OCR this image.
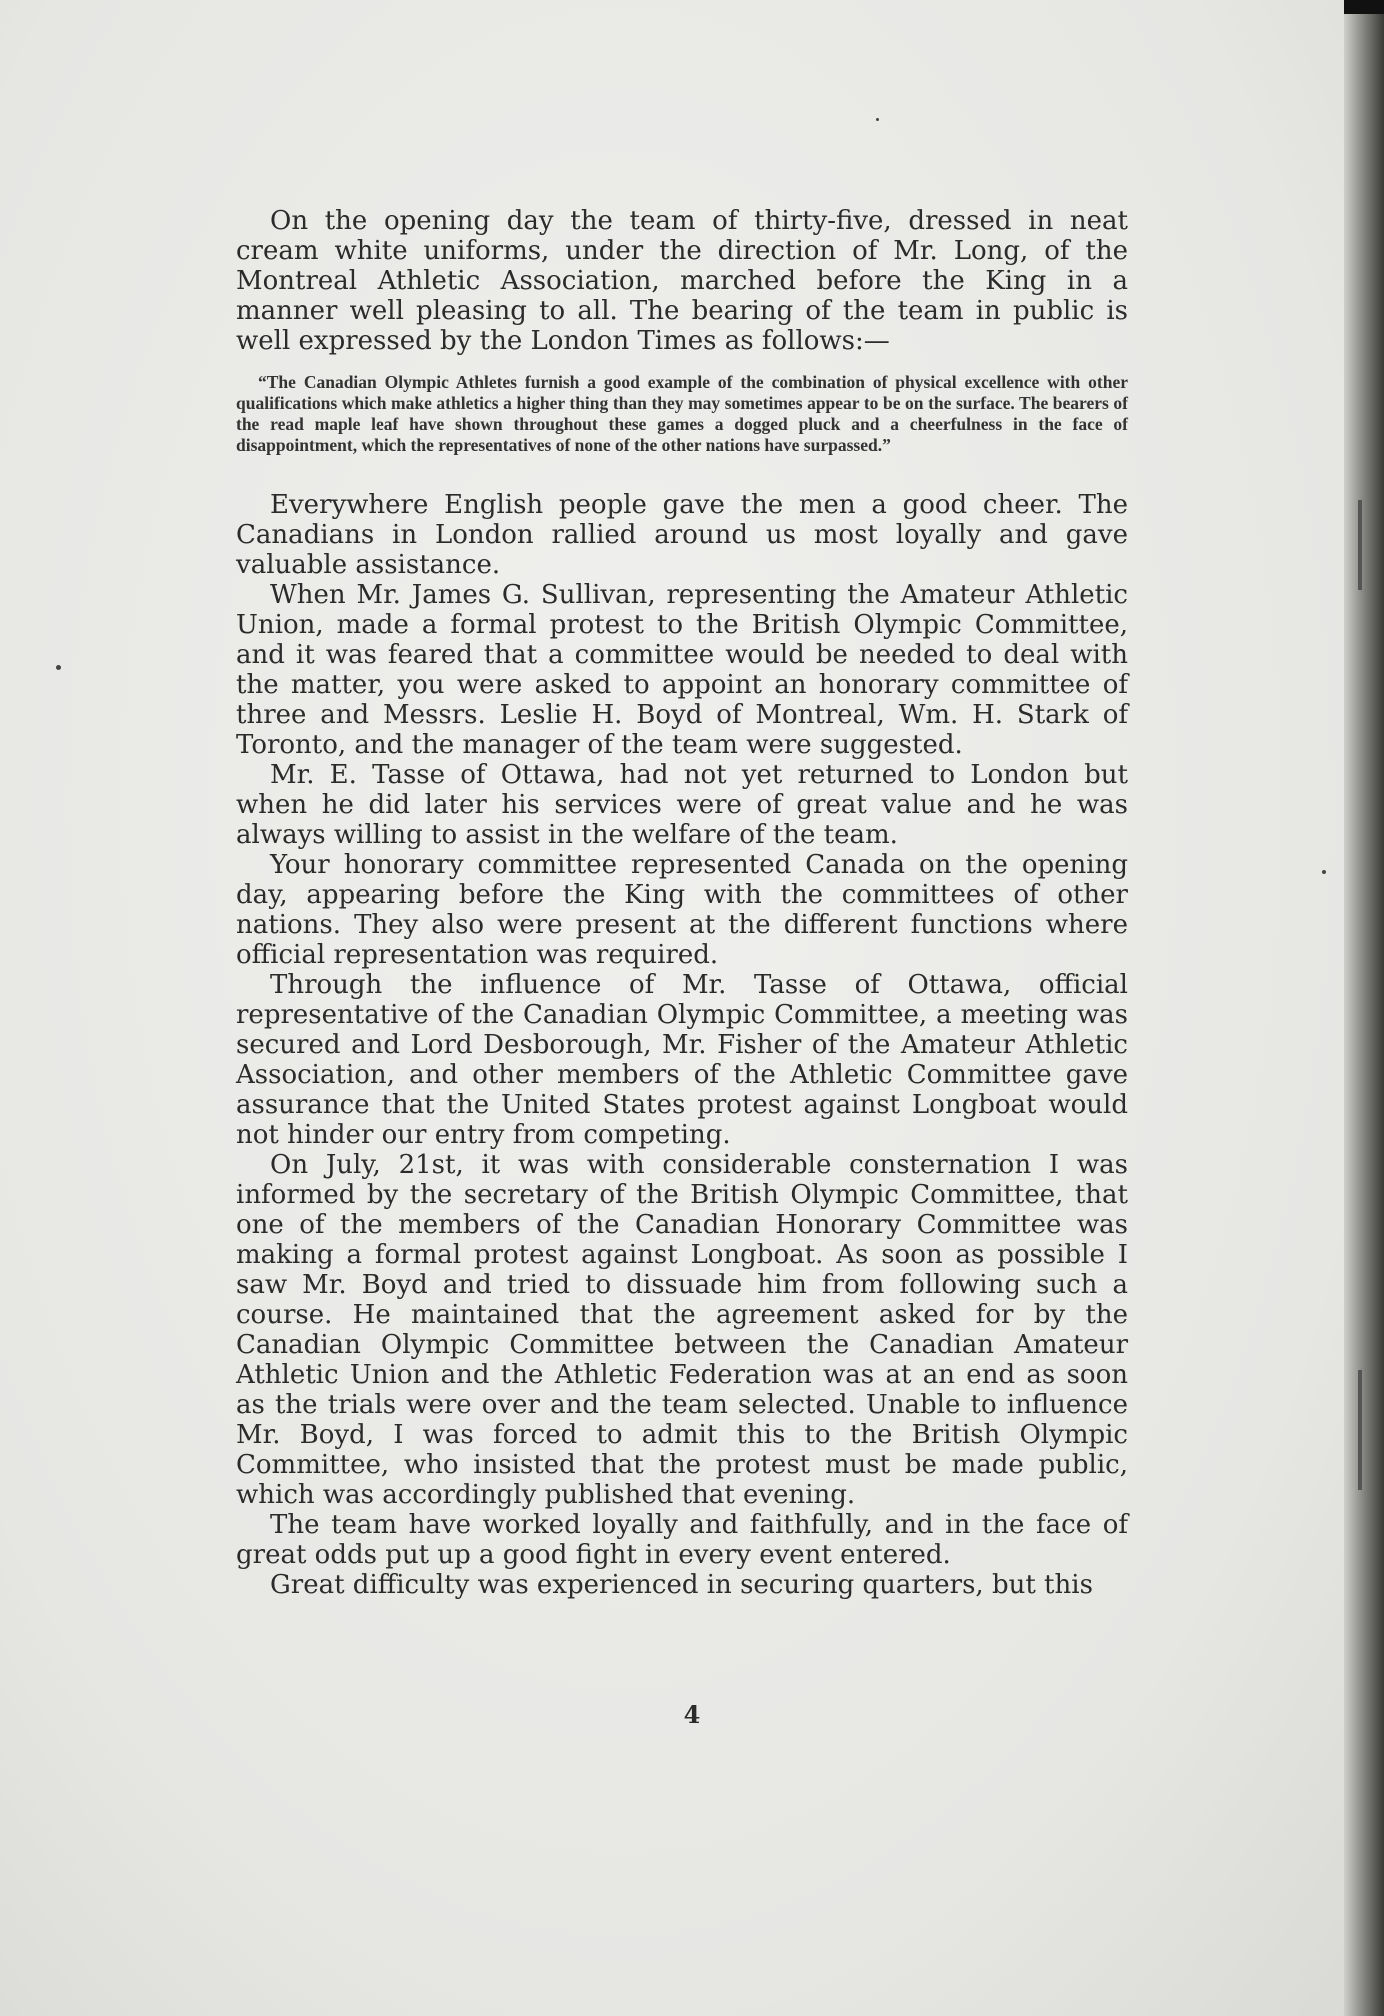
On the opening day the team of thirty-five, dressed in neat cream white uniforms, under the direction of Mr. Long, of the Montreal Athletic Association, marched before the King in a manner well pleasing to all. The bearing of the team in public is well expressed by the London Times as follows:—

“The Canadian Olympic Athletes furnish a good example of the combination of physical excellence with other qualifications which make athletics a higher thing than they may sometimes appear to be on the surface. The bearers of the read maple leaf have shown throughout these games a dogged pluck and a cheerfulness in the face of disappointment, which the representatives of none of the other nations have surpassed.”

Everywhere English people gave the men a good cheer. The Canadians in London rallied around us most loyally and gave valuable assistance.

When Mr. James G. Sullivan, representing the Amateur Athletic Union, made a formal protest to the British Olympic Committee, and it was feared that a committee would be needed to deal with the matter, you were asked to appoint an honorary committee of three and Messrs. Leslie H. Boyd of Montreal, Wm. H. Stark of Toronto, and the manager of the team were suggested.

Mr. E. Tasse of Ottawa, had not yet returned to London but when he did later his services were of great value and he was always willing to assist in the welfare of the team.

Your honorary committee represented Canada on the opening day, appearing before the King with the committees of other nations. They also were present at the different functions where official representation was required.

Through the influence of Mr. Tasse of Ottawa, official representative of the Canadian Olympic Committee, a meeting was secured and Lord Desborough, Mr. Fisher of the Amateur Athletic Association, and other members of the Athletic Committee gave assurance that the United States protest against Longboat would not hinder our entry from competing.

On July, 21st, it was with considerable consternation I was informed by the secretary of the British Olympic Committee, that one of the members of the Canadian Honorary Committee was making a formal protest against Longboat. As soon as possible I saw Mr. Boyd and tried to dissuade him from following such a course. He maintained that the agreement asked for by the Canadian Olympic Committee between the Canadian Amateur Athletic Union and the Athletic Federation was at an end as soon as the trials were over and the team selected. Unable to influence Mr. Boyd, I was forced to admit this to the British Olympic Committee, who insisted that the protest must be made public, which was accordingly published that evening.

The team have worked loyally and faithfully, and in the face of great odds put up a good fight in every event entered.

Great difficulty was experienced in securing quarters, but this

4
